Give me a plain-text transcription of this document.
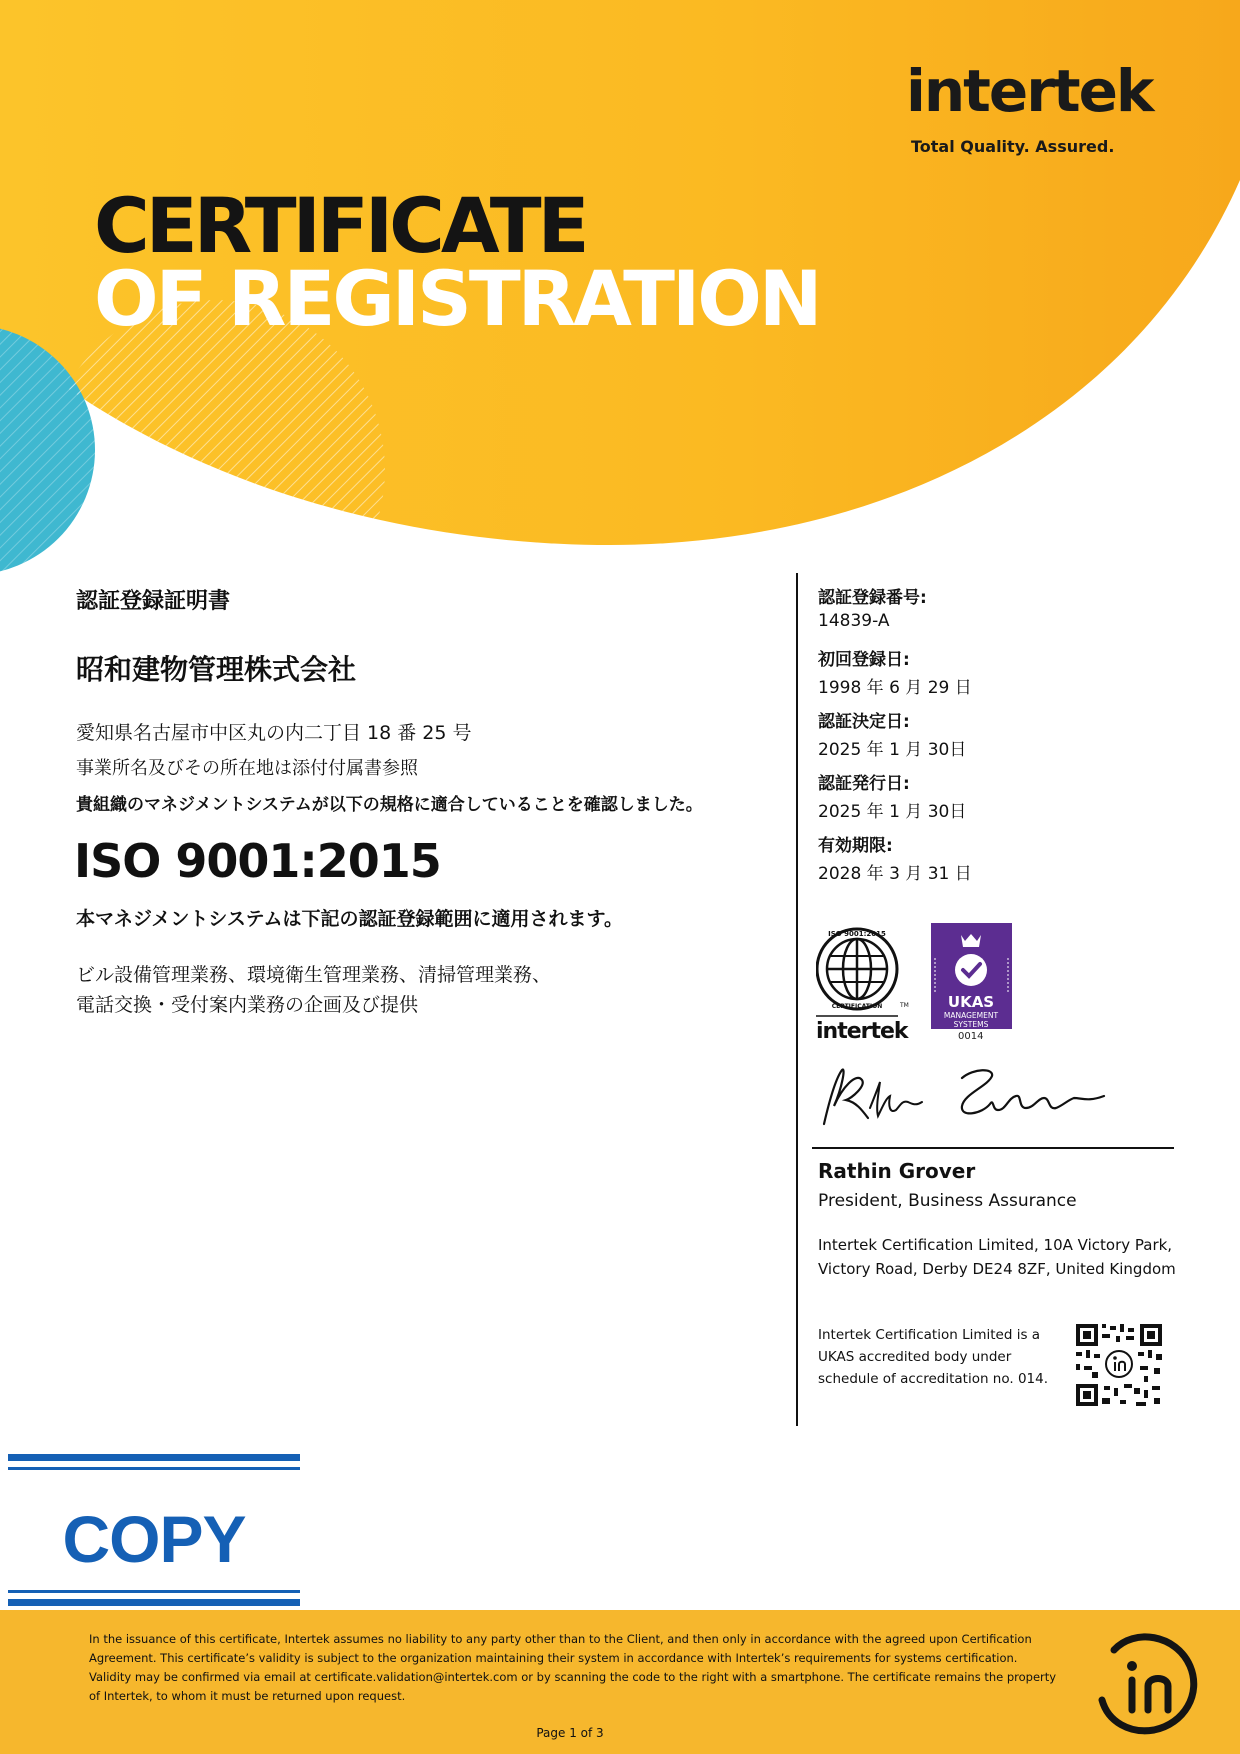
intertek
Total Quality. Assured.
CERTIFICATE
OF REGISTRATION
認証登録証明書
昭和建物管理株式会社
愛知県名古屋市中区丸の内二丁目 18 番 25 号
事業所名及びその所在地は添付付属書参照
貴組織のマネジメントシステムが以下の規格に適合していることを確認しました。
ISO 9001:2015
本マネジメントシステムは下記の認証登録範囲に適用されます。
ビル設備管理業務、環境衛生管理業務、清掃管理業務、
電話交換・受付案内業務の企画及び提供
認証登録番号:
14839-A
初回登録日:
1998 年 6 月 29 日
認証決定日:
2025 年 1 月 30日
認証発行日:
2025 年 1 月 30日
有効期限:
2028 年 3 月 31 日
ISO 9001:2015
CERTIFICATION
intertek
TM	UKAS
MANAGEMENT
SYSTEMS
0014
Rathin Grover
President, Business Assurance
Intertek Certification Limited, 10A Victory Park, Victory Road, Derby DE24 8ZF, United Kingdom
Intertek Certification Limited is a UKAS accredited body under schedule of accreditation no. 014.
COPY
In the issuance of this certificate, Intertek assumes no liability to any party other than to the Client, and then only in accordance with the agreed upon Certification Agreement. This certificate’s validity is subject to the organization maintaining their system in accordance with Intertek’s requirements for systems certification. Validity may be confirmed via email at certificate.validation@intertek.com or by scanning the code to the right with a smartphone. The certificate remains the property of Intertek, to whom it must be returned upon request.
Page 1 of 3
